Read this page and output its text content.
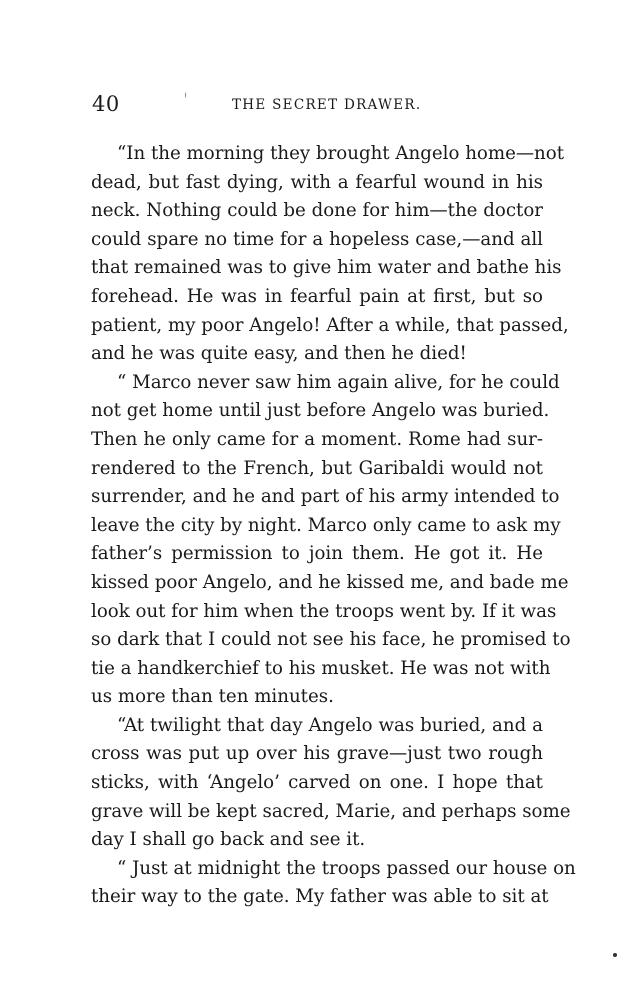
40	THE SECRET DRAWER.
“In the morning they brought Angelo home—not
dead, but fast dying, with a fearful wound in his
neck. Nothing could be done for him—the doctor
could spare no time for a hopeless case,—and all
that remained was to give him water and bathe his
forehead. He was in fearful pain at first, but so
patient, my poor Angelo! After a while, that passed,
and he was quite easy, and then he died!
“ Marco never saw him again alive, for he could
not get home until just before Angelo was buried.
Then he only came for a moment. Rome had sur-
rendered to the French, but Garibaldi would not
surrender, and he and part of his army intended to
leave the city by night. Marco only came to ask my
father’s permission to join them. He got it. He
kissed poor Angelo, and he kissed me, and bade me
look out for him when the troops went by. If it was
so dark that I could not see his face, he promised to
tie a handkerchief to his musket. He was not with
us more than ten minutes.
“At twilight that day Angelo was buried, and a
cross was put up over his grave—just two rough
sticks, with ‘Angelo’ carved on one. I hope that
grave will be kept sacred, Marie, and perhaps some
day I shall go back and see it.
“ Just at midnight the troops passed our house on
their way to the gate. My father was able to sit at
